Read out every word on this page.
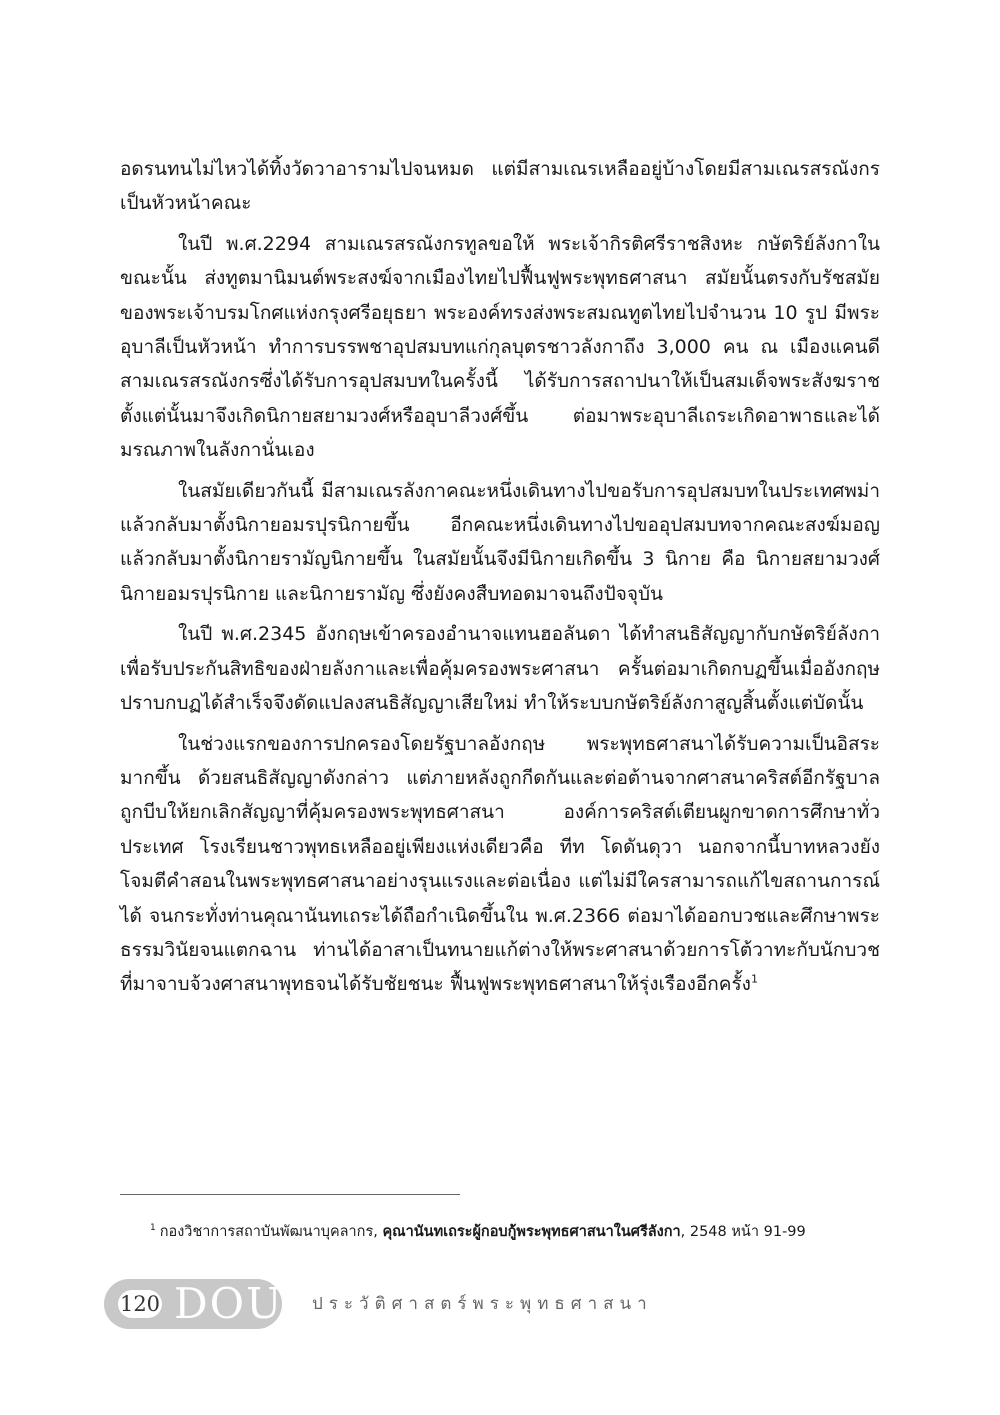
อดรนทนไม่ไหวได้ทิ้งวัดวาอารามไปจนหมด แต่มีสามเณรเหลืออยู่บ้างโดยมีสามเณรสรณังกรเป็นหัวหน้าคณะ

ในปี พ.ศ.2294 สามเณรสรณังกรทูลขอให้ พระเจ้ากิรติศรีราชสิงหะ กษัตริย์ลังกาในขณะนั้น ส่งทูตมานิมนต์พระสงฆ์จากเมืองไทยไปฟื้นฟูพระพุทธศาสนา สมัยนั้นตรงกับรัชสมัยของพระเจ้าบรมโกศแห่งกรุงศรีอยุธยา พระองค์ทรงส่งพระสมณทูตไทยไปจำนวน 10 รูป มีพระอุบาลีเป็นหัวหน้า ทำการบรรพชาอุปสมบทแก่กุลบุตรชาวลังกาถึง 3,000 คน ณ เมืองแคนดี สามเณรสรณังกรซึ่งได้รับการอุปสมบทในครั้งนี้ ได้รับการสถาปนาให้เป็นสมเด็จพระสังฆราช ตั้งแต่นั้นมาจึงเกิดนิกายสยามวงศ์หรืออุบาลีวงศ์ขึ้น ต่อมาพระอุบาลีเถระเกิดอาพาธและได้มรณภาพในลังกานั่นเอง

ในสมัยเดียวกันนี้ มีสามเณรลังกาคณะหนึ่งเดินทางไปขอรับการอุปสมบทในประเทศพม่า แล้วกลับมาตั้งนิกายอมรปุรนิกายขึ้น อีกคณะหนึ่งเดินทางไปขออุปสมบทจากคณะสงฆ์มอญแล้วกลับมาตั้งนิกายรามัญนิกายขึ้น ในสมัยนั้นจึงมีนิกายเกิดขึ้น 3 นิกาย คือ นิกายสยามวงศ์ นิกายอมรปุรนิกาย และนิกายรามัญ ซึ่งยังคงสืบทอดมาจนถึงปัจจุบัน

ในปี พ.ศ.2345 อังกฤษเข้าครองอำนาจแทนฮอลันดา ได้ทำสนธิสัญญากับกษัตริย์ลังกาเพื่อรับประกันสิทธิของฝ่ายลังกาและเพื่อคุ้มครองพระศาสนา ครั้นต่อมาเกิดกบฏขึ้นเมื่ออังกฤษปราบกบฏได้สำเร็จจึงดัดแปลงสนธิสัญญาเสียใหม่ ทำให้ระบบกษัตริย์ลังกาสูญสิ้นตั้งแต่บัดนั้น

ในช่วงแรกของการปกครองโดยรัฐบาลอังกฤษ พระพุทธศาสนาได้รับความเป็นอิสระ มากขึ้น ด้วยสนธิสัญญาดังกล่าว แต่ภายหลังถูกกีดกันและต่อต้านจากศาสนาคริสต์อีกรัฐบาลถูกบีบให้ยกเลิกสัญญาที่คุ้มครองพระพุทธศาสนา องค์การคริสต์เตียนผูกขาดการศึกษาทั่วประเทศ โรงเรียนชาวพุทธเหลืออยู่เพียงแห่งเดียวคือ ทีท โดดันดุวา นอกจากนี้บาทหลวงยังโจมตีคำสอนในพระพุทธศาสนาอย่างรุนแรงและต่อเนื่อง แต่ไม่มีใครสามารถแก้ไขสถานการณ์ได้ จนกระทั่งท่านคุณานันทเถระได้ถือกำเนิดขึ้นใน พ.ศ.2366 ต่อมาได้ออกบวชและศึกษาพระธรรมวินัยจนแตกฉาน ท่านได้อาสาเป็นทนายแก้ต่างให้พระศาสนาด้วยการโต้วาทะกับนักบวชที่มาจาบจ้วงศาสนาพุทธจนได้รับชัยชนะ ฟื้นฟูพระพุทธศาสนาให้รุ่งเรืองอีกครั้ง$^1$

$^1$ กองวิชาการสถาบันพัฒนาบุคลากร, คุณานันทเถระผู้กอบกู้พระพุทธศาสนาในศรีลังกา, 2548 หน้า 91-99
120 DOU ประวัติศาสตร์พระพุทธศาสนา
